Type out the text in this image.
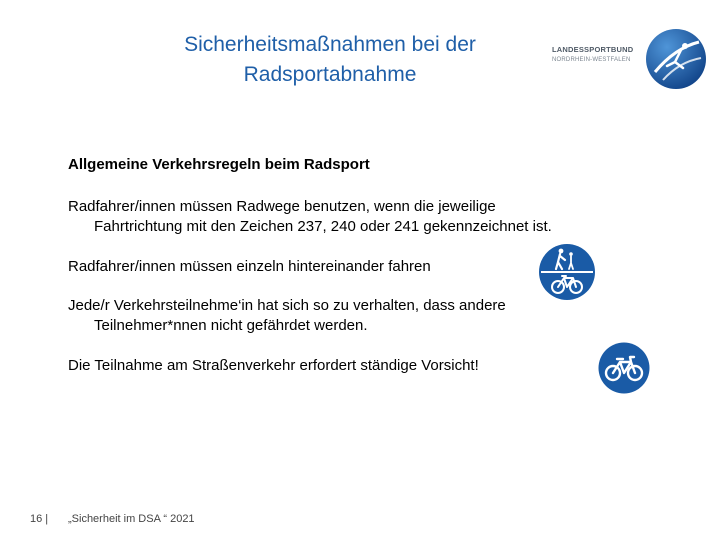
Sicherheitsmaßnahmen bei der
Radsportabnahme
LANDESSPORTBUND
NORDRHEIN-WESTFALEN
Allgemeine Verkehrsregeln beim Radsport
Radfahrer/innen müssen Radwege benutzen, wenn die jeweilige
Fahrtrichtung mit den Zeichen 237, 240 oder 241 gekennzeichnet ist.
Radfahrer/innen müssen einzeln hintereinander fahren
Jede/r Verkehrsteilnehme‘in hat sich so zu verhalten, dass andere
Teilnehmer*nnen nicht gefährdet werden.
Die Teilnahme am Straßenverkehr erfordert ständige Vorsicht!
16 | „Sicherheit im DSA “ 2021
